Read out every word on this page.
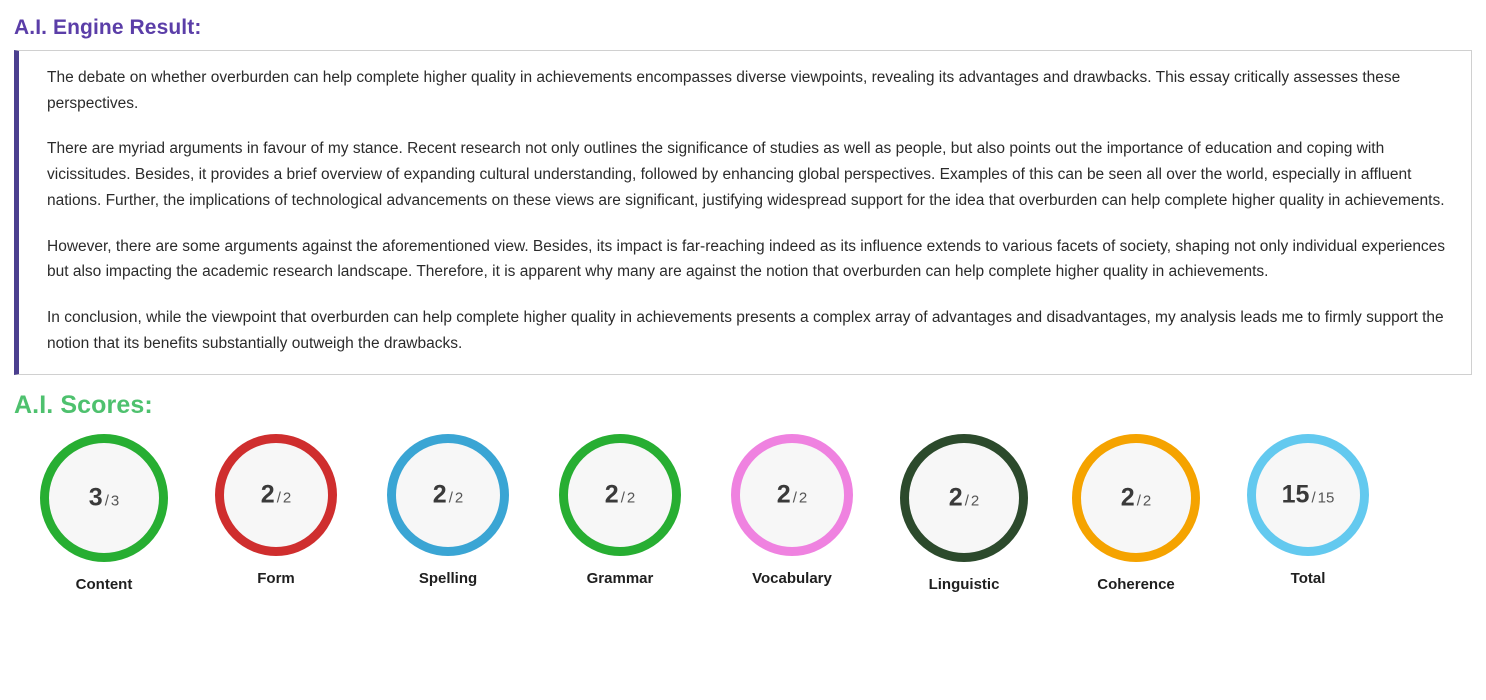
A.I. Engine Result:

The debate on whether overburden can help complete higher quality in achievements encompasses diverse viewpoints, revealing its advantages and drawbacks. This essay critically assesses these perspectives.

There are myriad arguments in favour of my stance. Recent research not only outlines the significance of studies as well as people, but also points out the importance of education and coping with vicissitudes. Besides, it provides a brief overview of expanding cultural understanding, followed by enhancing global perspectives. Examples of this can be seen all over the world, especially in affluent nations. Further, the implications of technological advancements on these views are significant, justifying widespread support for the idea that overburden can help complete higher quality in achievements.

However, there are some arguments against the aforementioned view. Besides, its impact is far-reaching indeed as its influence extends to various facets of society, shaping not only individual experiences but also impacting the academic research landscape. Therefore, it is apparent why many are against the notion that overburden can help complete higher quality in achievements.

In conclusion, while the viewpoint that overburden can help complete higher quality in achievements presents a complex array of advantages and disadvantages, my analysis leads me to firmly support the notion that its benefits substantially outweigh the drawbacks.

A.I. Scores:
3 / 3
Content
2 / 2
Form
2 / 2
Spelling
2 / 2
Grammar
2 / 2
Vocabulary
2 / 2
Linguistic
2 / 2
Coherence
15 / 15
Total
